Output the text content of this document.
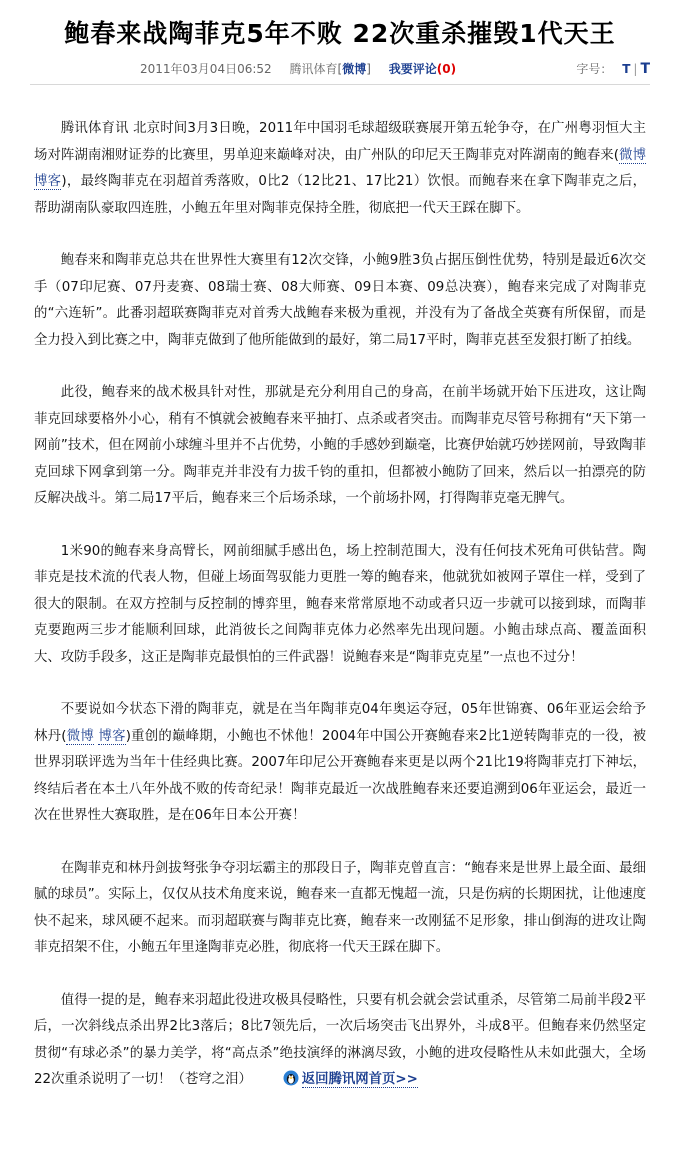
鲍春来战陶菲克5年不败 22次重杀摧毁1代天王
2011年03月04日06:52 腾讯体育[微博] 我要评论(0)	字号： T | T

腾讯体育讯 北京时间3月3日晚，2011年中国羽毛球超级联赛展开第五轮争夺，在广州粤羽恒大主场对阵湖南湘财证券的比赛里，男单迎来巅峰对决，由广州队的印尼天王陶菲克对阵湖南的鲍春来(微博 博客)，最终陶菲克在羽超首秀落败，0比2（12比21、17比21）饮恨。而鲍春来在拿下陶菲克之后，帮助湖南队豪取四连胜，小鲍五年里对陶菲克保持全胜，彻底把一代天王踩在脚下。

鲍春来和陶菲克总共在世界性大赛里有12次交锋，小鲍9胜3负占据压倒性优势，特别是最近6次交手（07印尼赛、07丹麦赛、08瑞士赛、08大师赛、09日本赛、09总决赛），鲍春来完成了对陶菲克的“六连斩”。此番羽超联赛陶菲克对首秀大战鲍春来极为重视，并没有为了备战全英赛有所保留，而是全力投入到比赛之中，陶菲克做到了他所能做到的最好，第二局17平时，陶菲克甚至发狠打断了拍线。

此役，鲍春来的战术极具针对性，那就是充分利用自己的身高，在前半场就开始下压进攻，这让陶菲克回球要格外小心，稍有不慎就会被鲍春来平抽打、点杀或者突击。而陶菲克尽管号称拥有“天下第一网前”技术，但在网前小球缠斗里并不占优势，小鲍的手感妙到巅毫，比赛伊始就巧妙搓网前，导致陶菲克回球下网拿到第一分。陶菲克并非没有力拔千钧的重扣，但都被小鲍防了回来，然后以一拍漂亮的防反解决战斗。第二局17平后，鲍春来三个后场杀球，一个前场扑网，打得陶菲克毫无脾气。

1米90的鲍春来身高臂长，网前细腻手感出色，场上控制范围大，没有任何技术死角可供钻营。陶菲克是技术流的代表人物，但碰上场面驾驭能力更胜一筹的鲍春来，他就犹如被网子罩住一样，受到了很大的限制。在双方控制与反控制的博弈里，鲍春来常常原地不动或者只迈一步就可以接到球，而陶菲克要跑两三步才能顺利回球，此消彼长之间陶菲克体力必然率先出现问题。小鲍击球点高、覆盖面积大、攻防手段多，这正是陶菲克最惧怕的三件武器！说鲍春来是“陶菲克克星”一点也不过分！

不要说如今状态下滑的陶菲克，就是在当年陶菲克04年奥运夺冠，05年世锦赛、06年亚运会给予林丹(微博 博客)重创的巅峰期，小鲍也不怵他！2004年中国公开赛鲍春来2比1逆转陶菲克的一役，被世界羽联评选为当年十佳经典比赛。2007年印尼公开赛鲍春来更是以两个21比19将陶菲克打下神坛，终结后者在本土八年外战不败的传奇纪录！陶菲克最近一次战胜鲍春来还要追溯到06年亚运会，最近一次在世界性大赛取胜，是在06年日本公开赛！

在陶菲克和林丹剑拔弩张争夺羽坛霸主的那段日子，陶菲克曾直言：“鲍春来是世界上最全面、最细腻的球员”。实际上，仅仅从技术角度来说，鲍春来一直都无愧超一流，只是伤病的长期困扰，让他速度快不起来，球风硬不起来。而羽超联赛与陶菲克比赛，鲍春来一改刚猛不足形象，排山倒海的进攻让陶菲克招架不住，小鲍五年里逢陶菲克必胜，彻底将一代天王踩在脚下。

值得一提的是，鲍春来羽超此役进攻极具侵略性，只要有机会就会尝试重杀，尽管第二局前半段2平后，一次斜线点杀出界2比3落后；8比7领先后，一次后场突击飞出界外，斗成8平。但鲍春来仍然坚定贯彻“有球必杀”的暴力美学，将“高点杀”绝技演绎的淋漓尽致，小鲍的进攻侵略性从未如此强大，全场22次重杀说明了一切！（苍穹之泪）	返回腾讯网首页>>
